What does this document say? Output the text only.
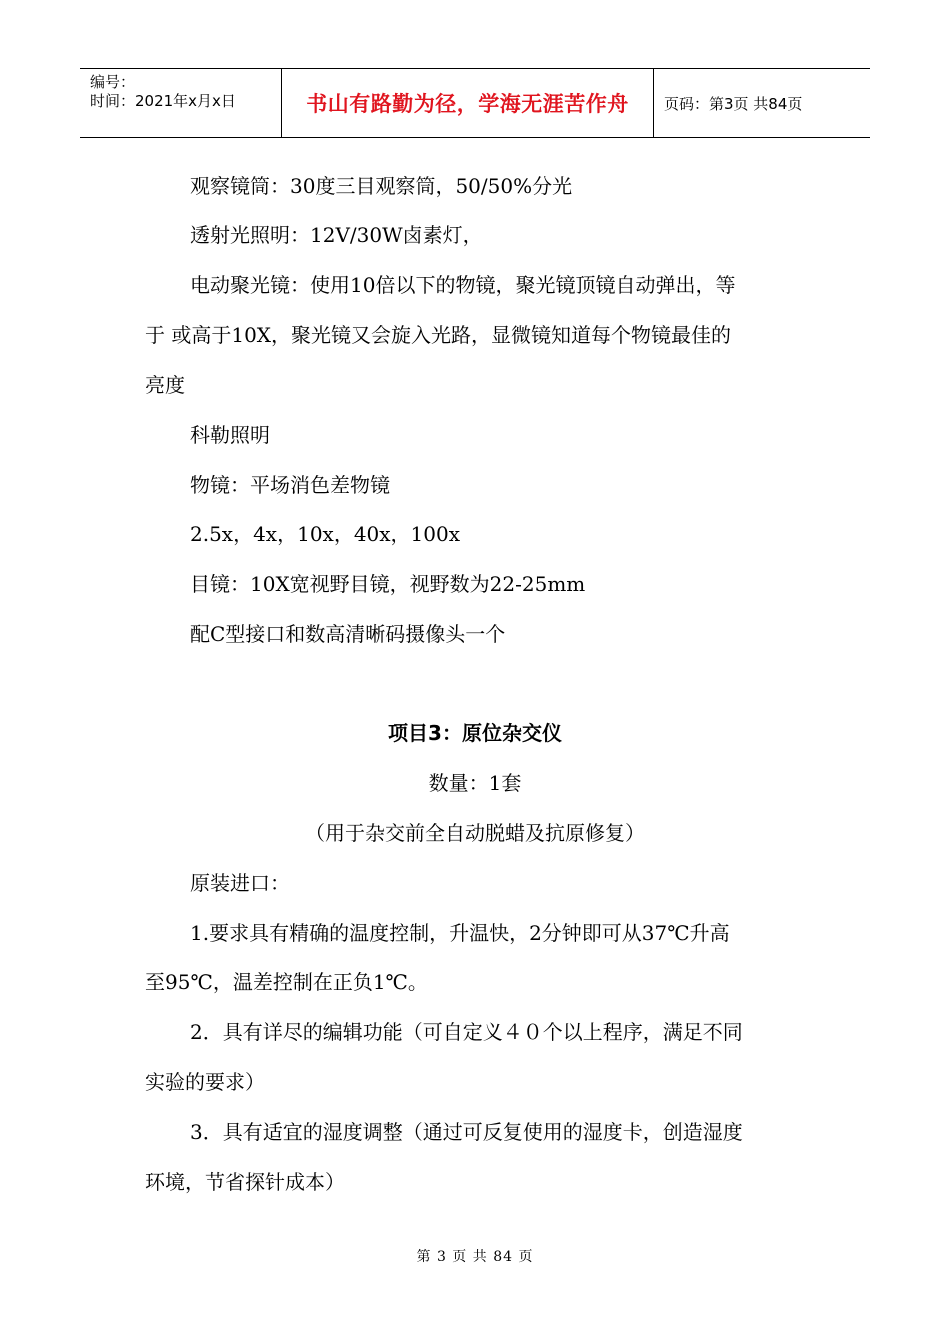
编号：
时间：2021年x月x日	书山有路勤为径，学海无涯苦作舟	页码：第3页 共84页
观察镜筒：30度三目观察筒，50/50%分光
透射光照明：12V/30W卤素灯，
电动聚光镜：使用10倍以下的物镜，聚光镜顶镜自动弹出，等
于 或高于10X，聚光镜又会旋入光路，显微镜知道每个物镜最佳的
亮度
科勒照明
物镜：平场消色差物镜
2.5x，4x，10x，40x，100x
目镜：10X宽视野目镜，视野数为22-25mm
配C型接口和数高清晰码摄像头一个
项目3：原位杂交仪
数量：1套
（用于杂交前全自动脱蜡及抗原修复）
原装进口：
1.要求具有精确的温度控制，升温快，2分钟即可从37℃升高
至95℃，温差控制在正负1℃。
2．具有详尽的编辑功能（可自定义４０个以上程序，满足不同
实验的要求）
3．具有适宜的湿度调整（通过可反复使用的湿度卡，创造湿度
环境，节省探针成本）
第 3 页 共 84 页
